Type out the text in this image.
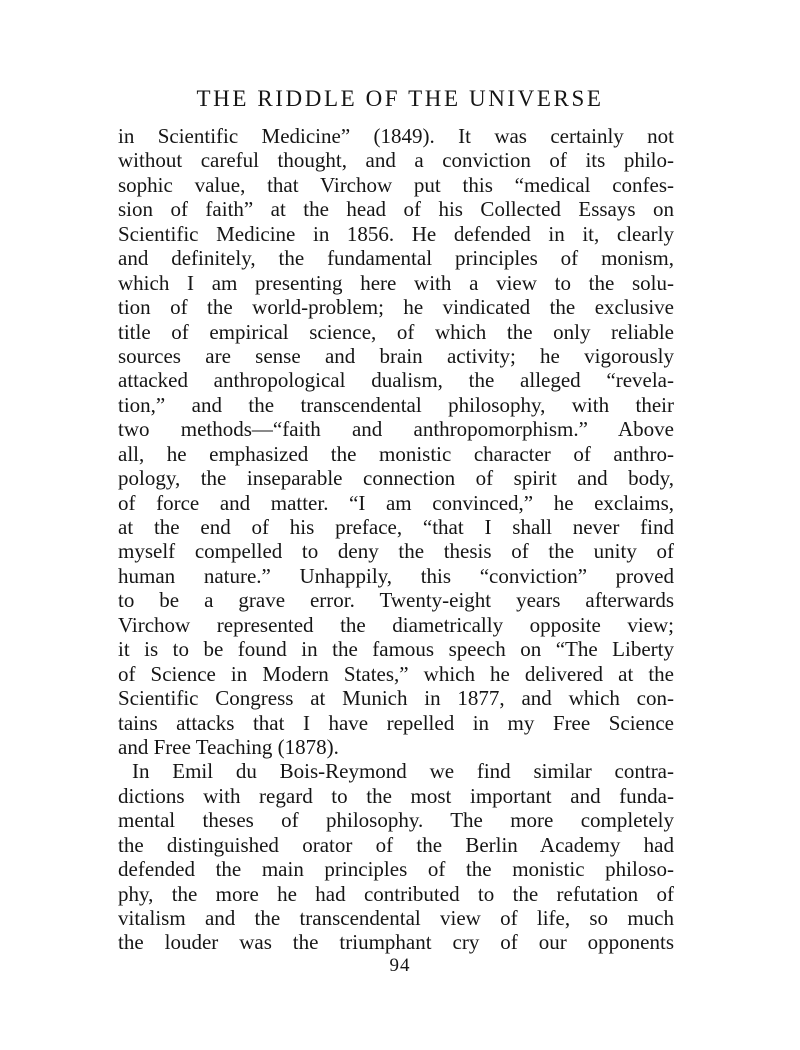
THE RIDDLE OF THE UNIVERSE
in Scientific Medicine” (1849). It was certainly not
without careful thought, and a conviction of its philo-
sophic value, that Virchow put this “medical confes-
sion of faith” at the head of his Collected Essays on
Scientific Medicine in 1856. He defended in it, clearly
and definitely, the fundamental principles of monism,
which I am presenting here with a view to the solu-
tion of the world-problem; he vindicated the exclusive
title of empirical science, of which the only reliable
sources are sense and brain activity; he vigorously
attacked anthropological dualism, the alleged “revela-
tion,” and the transcendental philosophy, with their
two methods—“faith and anthropomorphism.” Above
all, he emphasized the monistic character of anthro-
pology, the inseparable connection of spirit and body,
of force and matter. “I am convinced,” he exclaims,
at the end of his preface, “that I shall never find
myself compelled to deny the thesis of the unity of
human nature.” Unhappily, this “conviction” proved
to be a grave error. Twenty-eight years afterwards
Virchow represented the diametrically opposite view;
it is to be found in the famous speech on “The Liberty
of Science in Modern States,” which he delivered at the
Scientific Congress at Munich in 1877, and which con-
tains attacks that I have repelled in my Free Science
and Free Teaching (1878).
In Emil du Bois-Reymond we find similar contra-
dictions with regard to the most important and funda-
mental theses of philosophy. The more completely
the distinguished orator of the Berlin Academy had
defended the main principles of the monistic philoso-
phy, the more he had contributed to the refutation of
vitalism and the transcendental view of life, so much
the louder was the triumphant cry of our opponents
94
